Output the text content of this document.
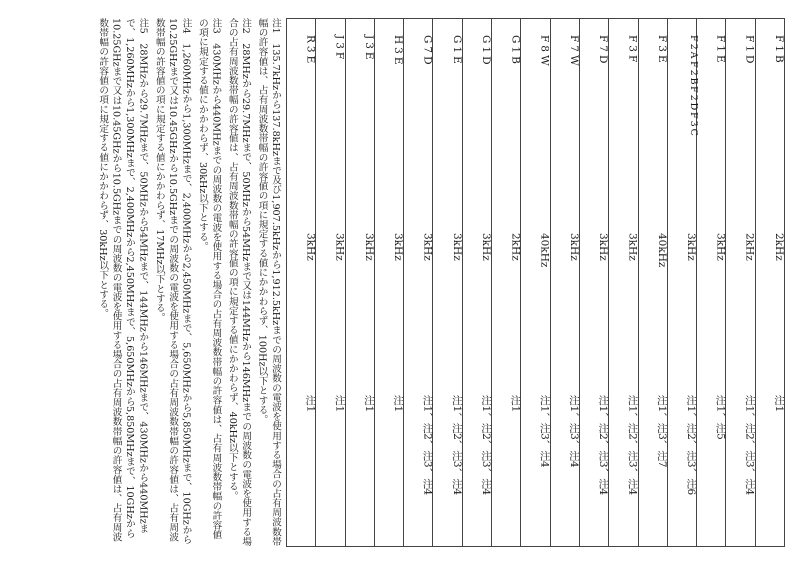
F1B
2kHz
注1
F1D
2kHz
注1、注2、注3、注4
F1E
3kHz
注1、注5
F2A
F2B
F2D
F3C
3kHz
注1、注2、注3、注6
F3E
40kHz
注1、注3、注7
F3F
3kHz
注1、注2、注3、注4
F7D
3kHz
注1、注2、注3、注4
F7W
3kHz
注1、注3、注4
F8W
40kHz
注1、注3、注4
G1B
2kHz
注1
G1D
3kHz
注1、注2、注3、注4
G1E
3kHz
注1、注2、注3、注4
G7D
3kHz
注1、注2、注3、注4
H3E
3kHz
注1
J3E
3kHz
注1
J3F
3kHz
注1
R3E
3kHz
注1

注1　135.7kHzから137.8kHzまで及び1,907.5kHzから1,912.5kHzまでの周波数の電波を使用する場合の占有周波数帯幅の許容値は、占有周波数帯幅の許容値の項に規定する値にかかわらず、100Hz以下とする。

注2　28MHzから29.7MHzまで、50MHzから54MHzまで又は144MHzから146MHzまでの周波数の電波を使用する場合の占有周波数帯幅の許容値は、占有周波数帯幅の許容値の項に規定する値にかかわらず、40kHz以下とする。

注3　430MHzから440MHzまでの周波数の電波を使用する場合の占有周波数帯幅の許容値は、占有周波数帯幅の許容値の項に規定する値にかかわらず、30kHz以下とする。

注4　1,260MHzから1,300MHzまで、2,400MHzから2,450MHzまで、5,650MHzから5,850MHzまで、10GHzから10.25GHzまで又は10.45GHzから10.5GHzまでの周波数の電波を使用する場合の占有周波数帯幅の許容値は、占有周波数帯幅の許容値の項に規定する値にかかわらず、17MHz以下とする。

注5　28MHzから29.7MHzまで、50MHzから54MHzまで、144MHzから146MHzまで、430MHzから440MHzまで、1,260MHzから1,300MHzまで、2,400MHzから2,450MHzまで、5,650MHzから5,850MHzまで、10GHzから10.25GHzまで又は10.45GHzから10.5GHzまでの周波数の電波を使用する場合の占有周波数帯幅の許容値は、占有周波数帯幅の許容値の項に規定する値にかかわらず、30kHz以下とする。
